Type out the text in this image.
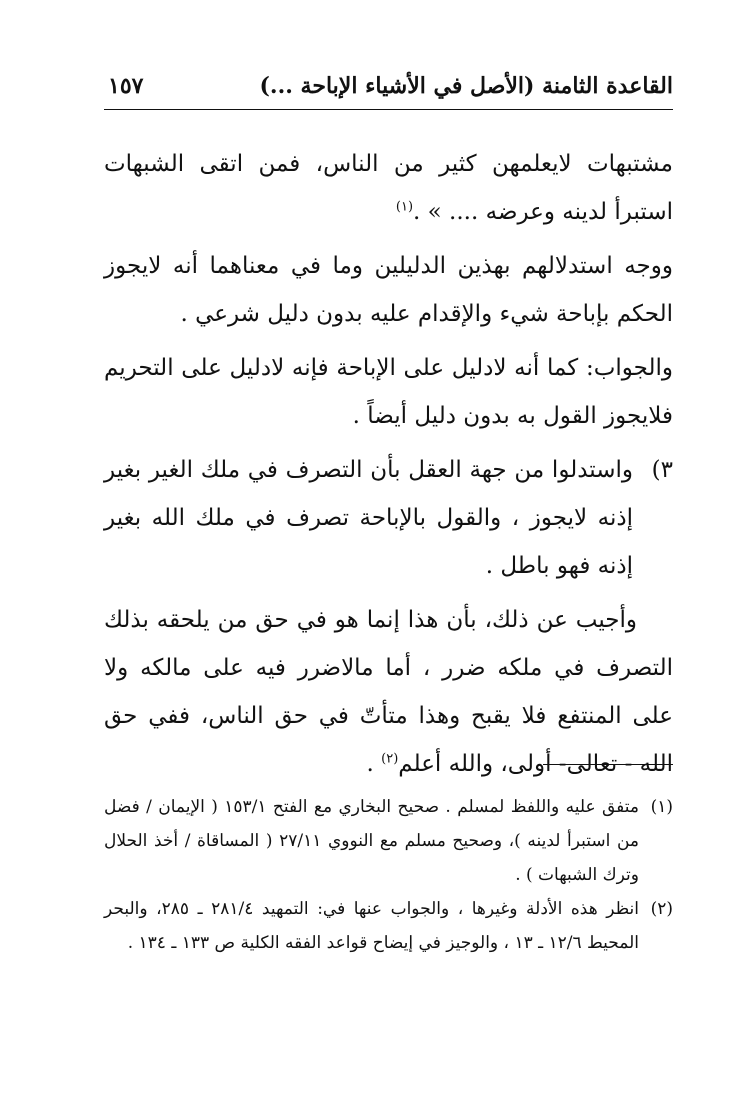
القاعدة الثامنة (الأصل في الأشياء الإباحة ...)
١٥٧

مشتبهات لايعلمهن كثير من الناس، فمن اتقى الشبهات استبرأ لدينه وعرضه .... » .$^{(١)}$

ووجه استدلالهم بهذين الدليلين وما في معناهما أنه لايجوز الحكم بإباحة شيء والإقدام عليه بدون دليل شرعي .

والجواب: كما أنه لادليل على الإباحة فإنه لادليل على التحريم فلايجوز القول به بدون دليل أيضاً .

٣)
واستدلوا من جهة العقل بأن التصرف في ملك الغير بغير إذنه لايجوز ، والقول بالإباحة تصرف في ملك الله بغير إذنه فهو باطل .

وأجيب عن ذلك، بأن هذا إنما هو في حق من يلحقه بذلك التصرف في ملكه ضرر ، أما مالاضرر فيه على مالكه ولا على المنتفع فلا يقبح وهذا متأتّ في حق الناس، ففي حق الله - تعالى- أولى، والله أعلم$^{(٢)}$ .

(١)
متفق عليه واللفظ لمسلم . صحيح البخاري مع الفتح ١٥٣/١ ( الإيمان / فضل من استبرأ لدينه )، وصحيح مسلم مع النووي ٢٧/١١ ( المساقاة / أخذ الحلال وترك الشبهات ) .
(٢)
انظر هذه الأدلة وغيرها ، والجواب عنها في: التمهيد ٢٨١/٤ ـ ٢٨٥، والبحر المحيط ١٢/٦ ـ ١٣ ، والوجيز في إيضاح قواعد الفقه الكلية ص ١٣٣ ـ ١٣٤ .
